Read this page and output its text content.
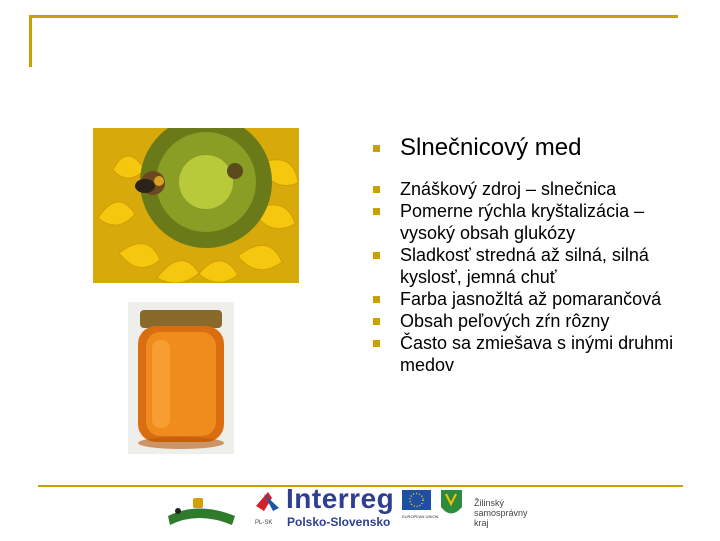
Slnečnicový med
Znáškový zdroj – slnečnica
Pomerne rýchla kryštalizácia – vysoký obsah glukózy
Sladkosť stredná až silná, silná kyslosť, jemná chuť
Farba jasnožltá až pomarančová
Obsah peľových zŕn rôzny
Často sa zmiešava s inými druhmi medov
PL-SK
EUROPEAN UNION
Interreg
Polsko-Slovensko
Žilinský
samosprávny
kraj
